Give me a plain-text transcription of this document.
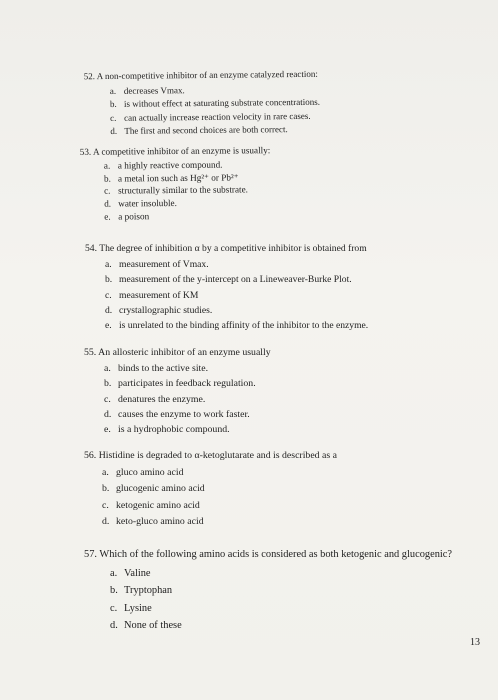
52. A non-competitive inhibitor of an enzyme catalyzed reaction:
a. decreases Vmax.
b. is without effect at saturating substrate concentrations.
c. can actually increase reaction velocity in rare cases.
d. The first and second choices are both correct.
53. A competitive inhibitor of an enzyme is usually:
a. a highly reactive compound.
b. a metal ion such as Hg²⁺ or Pb²⁺
c. structurally similar to the substrate.
d. water insoluble.
e. a poison
54. The degree of inhibition α by a competitive inhibitor is obtained from
a. measurement of Vmax.
b. measurement of the y-intercept on a Lineweaver-Burke Plot.
c. measurement of KM
d. crystallographic studies.
e. is unrelated to the binding affinity of the inhibitor to the enzyme.
55. An allosteric inhibitor of an enzyme usually
a. binds to the active site.
b. participates in feedback regulation.
c. denatures the enzyme.
d. causes the enzyme to work faster.
e. is a hydrophobic compound.
56. Histidine is degraded to α-ketoglutarate and is described as a
a. gluco amino acid
b. glucogenic amino acid
c. ketogenic amino acid
d. keto-gluco amino acid
57. Which of the following amino acids is considered as both ketogenic and glucogenic?
a. Valine
b. Tryptophan
c. Lysine
d. None of these
13
